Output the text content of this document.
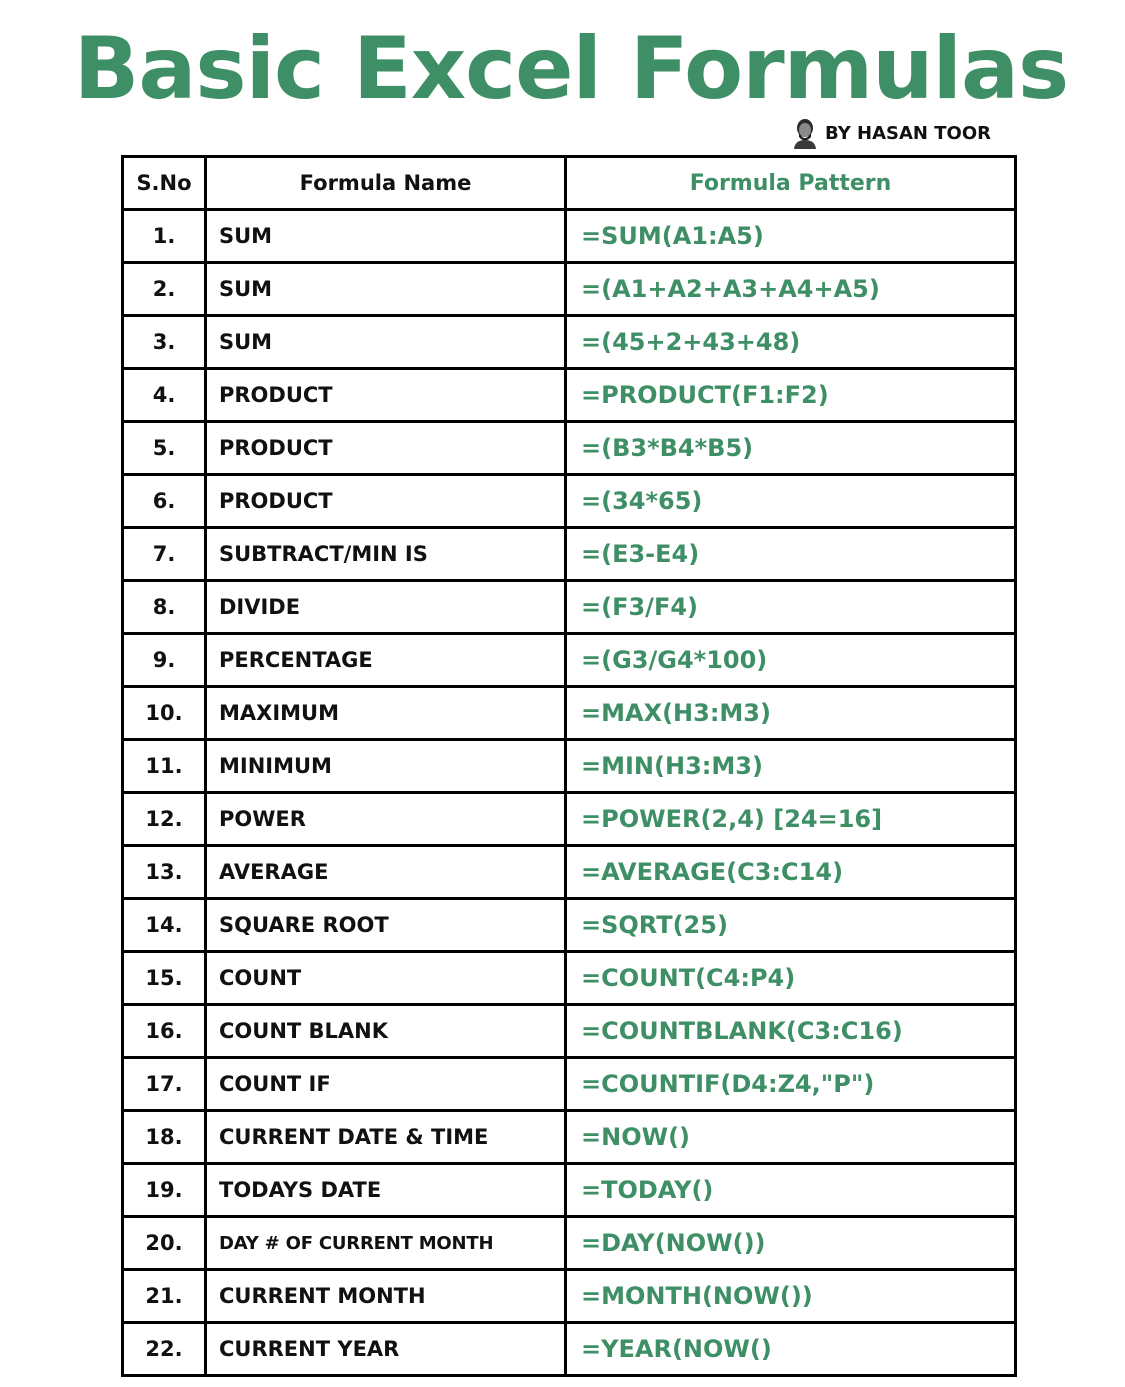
Basic Excel Formulas
BY HASAN TOOR
S.No	Formula Name	Formula Pattern
1.	SUM	=SUM(A1:A5)
2.	SUM	=(A1+A2+A3+A4+A5)
3.	SUM	=(45+2+43+48)
4.	PRODUCT	=PRODUCT(F1:F2)
5.	PRODUCT	=(B3*B4*B5)
6.	PRODUCT	=(34*65)
7.	SUBTRACT/MIN IS	=(E3-E4)
8.	DIVIDE	=(F3/F4)
9.	PERCENTAGE	=(G3/G4*100)
10.	MAXIMUM	=MAX(H3:M3)
11.	MINIMUM	=MIN(H3:M3)
12.	POWER	=POWER(2,4) [24=16]
13.	AVERAGE	=AVERAGE(C3:C14)
14.	SQUARE ROOT	=SQRT(25)
15.	COUNT	=COUNT(C4:P4)
16.	COUNT BLANK	=COUNTBLANK(C3:C16)
17.	COUNT IF	=COUNTIF(D4:Z4,"P")
18.	CURRENT DATE & TIME	=NOW()
19.	TODAYS DATE	=TODAY()
20.	DAY # OF CURRENT MONTH	=DAY(NOW())
21.	CURRENT MONTH	=MONTH(NOW())
22.	CURRENT YEAR	=YEAR(NOW()
